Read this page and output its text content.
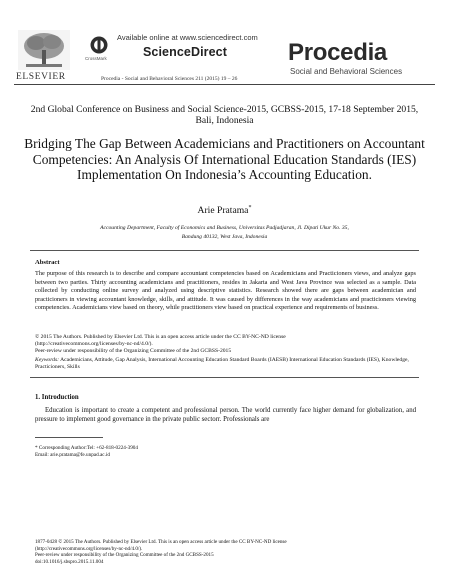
ELSEVIER
CrossMark
Available online at www.sciencedirect.com
ScienceDirect
Procedia - Social and Behavioral Sciences 211 (2015) 19 – 26
Procedia
Social and Behavioral Sciences
2nd Global Conference on Business and Social Science-2015, GCBSS-2015, 17-18 September 2015, Bali, Indonesia
Bridging The Gap Between Academicians and Practitioners on Accountant Competencies: An Analysis Of International Education Standards (IES) Implementation On Indonesia’s Accounting Education.
Arie Pratama*
Accounting Department, Faculty of Economics and Business, Universitas Padjadjaran, Jl. Dipati Ukur No. 35,
Bandung 40132, West Java, Indonesia
Abstract
The purpose of this research is to describe and compare accountant competencies based on Academicians and Practicioners views, and analyze gaps between two parties. Thirty accounting academicians and practitioners, resides in Jakarta and West Java Province was selected as a sample. Data collected by conducting online survey and analyzed using descriptive statistics. Research showed there are gaps between academician and practicioners in viewing accountant knowledge, skills, and attitude. It was caused by differences in the way academicians and practicioners viewing competencies. Academicians view based on theory, while practitioners view based on practical experience and requirements of business.
© 2015 The Authors. Published by Elsevier Ltd. This is an open access article under the CC BY-NC-ND license
(http://creativecommons.org/licenses/by-nc-nd/4.0/).
Peer-review under responsibility of the Organizing Committee of the 2nd GCBSS-2015
Keywords: Academicians, Attitude, Gap Analysis, International Accounting Education Standard Boards (IAESB) International Education Standards (IES), Knowledge, Practicioners, Skills
1. Introduction
Education is important to create a competent and professional person. The world currently face higher demand for globalization, and pressure to implement good governance in the private public sectorr. Professionals are
* Corresponding Author:Tel: +62-818-0224-3904
Email: arie.pratama@fe.unpad.ac.id
1877-0428 © 2015 The Authors. Published by Elsevier Ltd. This is an open access article under the CC BY-NC-ND license
(http://creativecommons.org/licenses/by-nc-nd/4.0/).
Peer-review under responsibility of the Organizing Committee of the 2nd GCBSS-2015
doi:10.1016/j.sbspro.2015.11.004
